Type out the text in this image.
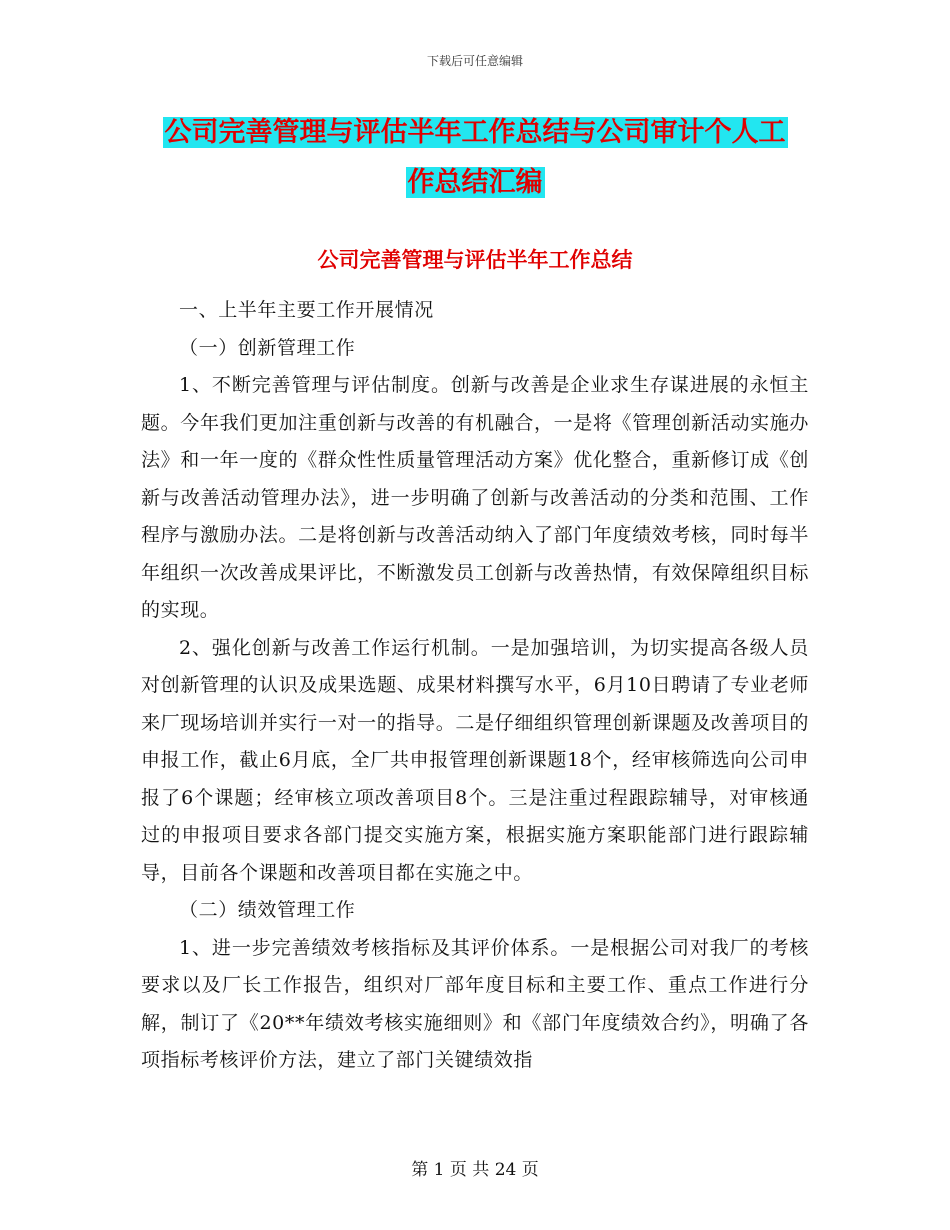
下载后可任意编辑
公司完善管理与评估半年工作总结与公司审计个人工
作总结汇编
公司完善管理与评估半年工作总结

一、上半年主要工作开展情况

（一）创新管理工作

1、不断完善管理与评估制度。创新与改善是企业求生存谋进展的永恒主题。今年我们更加注重创新与改善的有机融合，一是将《管理创新活动实施办法》和一年一度的《群众性性质量管理活动方案》优化整合，重新修订成《创新与改善活动管理办法》，进一步明确了创新与改善活动的分类和范围、工作程序与激励办法。二是将创新与改善活动纳入了部门年度绩效考核，同时每半年组织一次改善成果评比，不断激发员工创新与改善热情，有效保障组织目标的实现。

2、强化创新与改善工作运行机制。一是加强培训，为切实提高各级人员对创新管理的认识及成果选题、成果材料撰写水平，6月10日聘请了专业老师来厂现场培训并实行一对一的指导。二是仔细组织管理创新课题及改善项目的申报工作，截止6月底，全厂共申报管理创新课题18个，经审核筛选向公司申报了6个课题；经审核立项改善项目8个。三是注重过程跟踪辅导，对审核通过的申报项目要求各部门提交实施方案，根据实施方案职能部门进行跟踪辅导，目前各个课题和改善项目都在实施之中。

（二）绩效管理工作

1、进一步完善绩效考核指标及其评价体系。一是根据公司对我厂的考核要求以及厂长工作报告，组织对厂部年度目标和主要工作、重点工作进行分解，制订了《20**年绩效考核实施细则》和《部门年度绩效合约》，明确了各项指标考核评价方法，建立了部门关键绩效指

第 1 页 共 24 页
